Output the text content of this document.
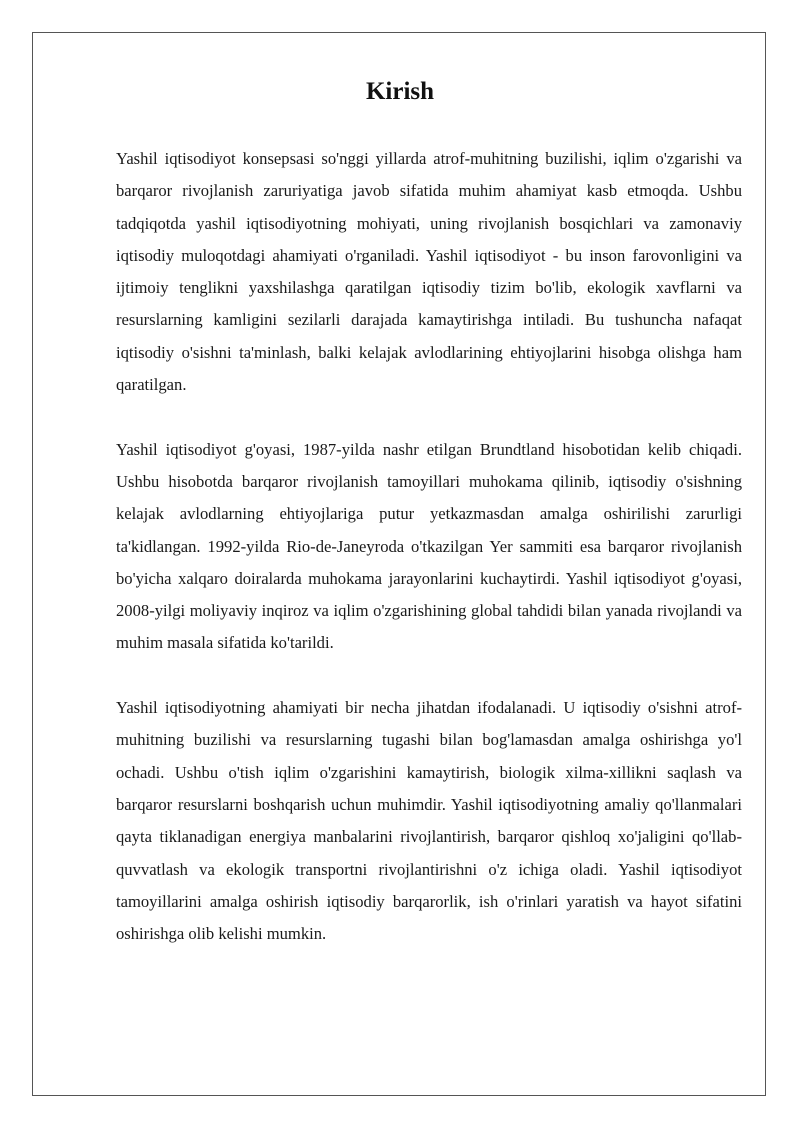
Kirish

Yashil iqtisodiyot konsepsasi so'nggi yillarda atrof-muhitning buzilishi, iqlim o'zgarishi va barqaror rivojlanish zaruriyatiga javob sifatida muhim ahamiyat kasb etmoqda. Ushbu tadqiqotda yashil iqtisodiyotning mohiyati, uning rivojlanish bosqichlari va zamonaviy iqtisodiy muloqotdagi ahamiyati o'rganiladi. Yashil iqtisodiyot - bu inson farovonligini va ijtimoiy tenglikni yaxshilashga qaratilgan iqtisodiy tizim bo'lib, ekologik xavflarni va resurslarning kamligini sezilarli darajada kamaytirishga intiladi. Bu tushuncha nafaqat iqtisodiy o'sishni ta'minlash, balki kelajak avlodlarining ehtiyojlarini hisobga olishga ham qaratilgan.

Yashil iqtisodiyot g'oyasi, 1987-yilda nashr etilgan Brundtland hisobotidan kelib chiqadi. Ushbu hisobotda barqaror rivojlanish tamoyillari muhokama qilinib, iqtisodiy o'sishning kelajak avlodlarning ehtiyojlariga putur yetkazmasdan amalga oshirilishi zarurligi ta'kidlangan. 1992-yilda Rio-de-Janeyroda o'tkazilgan Yer sammiti esa barqaror rivojlanish bo'yicha xalqaro doiralarda muhokama jarayonlarini kuchaytirdi. Yashil iqtisodiyot g'oyasi, 2008-yilgi moliyaviy inqiroz va iqlim o'zgarishining global tahdidi bilan yanada rivojlandi va muhim masala sifatida ko'tarildi.

Yashil iqtisodiyotning ahamiyati bir necha jihatdan ifodalanadi. U iqtisodiy o'sishni atrof-muhitning buzilishi va resurslarning tugashi bilan bog'lamasdan amalga oshirishga yo'l ochadi. Ushbu o'tish iqlim o'zgarishini kamaytirish, biologik xilma-xillikni saqlash va barqaror resurslarni boshqarish uchun muhimdir. Yashil iqtisodiyotning amaliy qo'llanmalari qayta tiklanadigan energiya manbalarini rivojlantirish, barqaror qishloq xo'jaligini qo'llab-quvvatlash va ekologik transportni rivojlantirishni o'z ichiga oladi. Yashil iqtisodiyot tamoyillarini amalga oshirish iqtisodiy barqarorlik, ish o'rinlari yaratish va hayot sifatini oshirishga olib kelishi mumkin.
